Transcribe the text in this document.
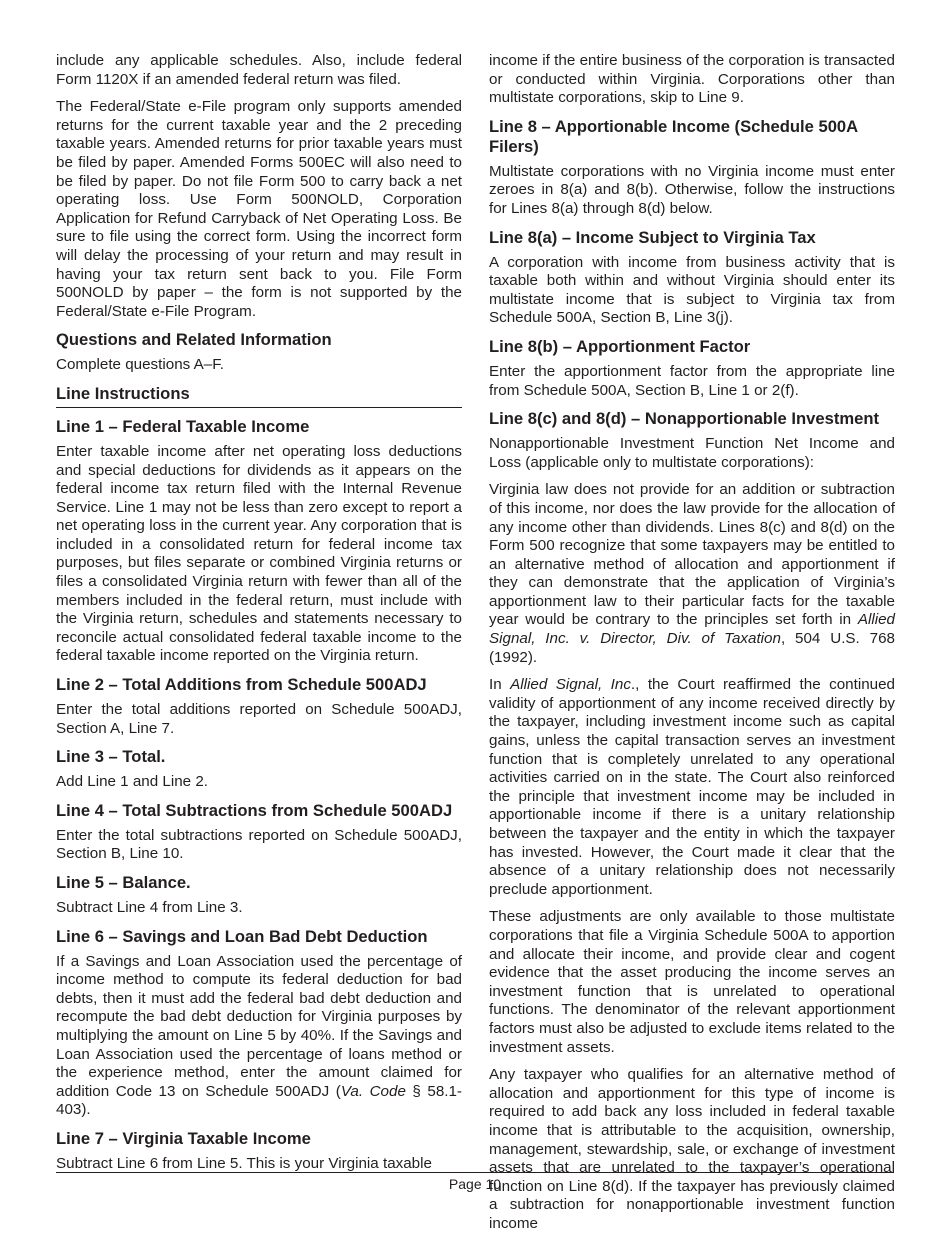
include any applicable schedules. Also, include federal Form 1120X if an amended federal return was filed.

The Federal/State e-File program only supports amended returns for the current taxable year and the 2 preceding taxable years. Amended returns for prior taxable years must be filed by paper. Amended Forms 500EC will also need to be filed by paper. Do not file Form 500 to carry back a net operating loss. Use Form 500NOLD, Corporation Application for Refund Carryback of Net Operating Loss. Be sure to file using the correct form. Using the incorrect form will delay the processing of your return and may result in having your tax return sent back to you. File Form 500NOLD by paper – the form is not supported by the Federal/State e-File Program.

Questions and Related Information

Complete questions A–F.

Line Instructions
Line 1 – Federal Taxable Income

Enter taxable income after net operating loss deductions and special deductions for dividends as it appears on the federal income tax return filed with the Internal Revenue Service. Line 1 may not be less than zero except to report a net operating loss in the current year. Any corporation that is included in a consolidated return for federal income tax purposes, but files separate or combined Virginia returns or files a consolidated Virginia return with fewer than all of the members included in the federal return, must include with the Virginia return, schedules and statements necessary to reconcile actual consolidated federal taxable income to the federal taxable income reported on the Virginia return.

Line 2 – Total Additions from Schedule 500ADJ

Enter the total additions reported on Schedule 500ADJ, Section A, Line 7.

Line 3 – Total.

Add Line 1 and Line 2.

Line 4 – Total Subtractions from Schedule 500ADJ

Enter the total subtractions reported on Schedule 500ADJ, Section B, Line 10.

Line 5 – Balance.

Subtract Line 4 from Line 3.

Line 6 – Savings and Loan Bad Debt Deduction

If a Savings and Loan Association used the percentage of income method to compute its federal deduction for bad debts, then it must add the federal bad debt deduction and recompute the bad debt deduction for Virginia purposes by multiplying the amount on Line 5 by 40%. If the Savings and Loan Association used the percentage of loans method or the experience method, enter the amount claimed for addition Code 13 on Schedule 500ADJ (Va. Code § 58.1-403).

Line 7 – Virginia Taxable Income

Subtract Line 6 from Line 5. This is your Virginia taxable

income if the entire business of the corporation is transacted or conducted within Virginia. Corporations other than multistate corporations, skip to Line 9.

Line 8 – Apportionable Income (Schedule 500A Filers)

Multistate corporations with no Virginia income must enter zeroes in 8(a) and 8(b). Otherwise, follow the instructions for Lines 8(a) through 8(d) below.

Line 8(a) – Income Subject to Virginia Tax

A corporation with income from business activity that is taxable both within and without Virginia should enter its multistate income that is subject to Virginia tax from Schedule 500A, Section B, Line 3(j).

Line 8(b) – Apportionment Factor

Enter the apportionment factor from the appropriate line from Schedule 500A, Section B, Line 1 or 2(f).

Line 8(c) and 8(d) – Nonapportionable Investment

Nonapportionable Investment Function Net Income and Loss (applicable only to multistate corporations):

Virginia law does not provide for an addition or subtraction of this income, nor does the law provide for the allocation of any income other than dividends. Lines 8(c) and 8(d) on the Form 500 recognize that some taxpayers may be entitled to an alternative method of allocation and apportionment if they can demonstrate that the application of Virginia’s apportionment law to their particular facts for the taxable year would be contrary to the principles set forth in Allied Signal, Inc. v. Director, Div. of Taxation, 504 U.S. 768 (1992).

In Allied Signal, Inc., the Court reaffirmed the continued validity of apportionment of any income received directly by the taxpayer, including investment income such as capital gains, unless the capital transaction serves an investment function that is completely unrelated to any operational activities carried on in the state. The Court also reinforced the principle that investment income may be included in apportionable income if there is a unitary relationship between the taxpayer and the entity in which the taxpayer has invested. However, the Court made it clear that the absence of a unitary relationship does not necessarily preclude apportionment.

These adjustments are only available to those multistate corporations that file a Virginia Schedule 500A to apportion and allocate their income, and provide clear and cogent evidence that the asset producing the income serves an investment function that is unrelated to operational functions. The denominator of the relevant apportionment factors must also be adjusted to exclude items related to the investment assets.

Any taxpayer who qualifies for an alternative method of allocation and apportionment for this type of income is required to add back any loss included in federal taxable income that is attributable to the acquisition, ownership, management, stewardship, sale, or exchange of investment assets that are unrelated to the taxpayer’s operational function on Line 8(d). If the taxpayer has previously claimed a subtraction for nonapportionable investment function income

Page 10
